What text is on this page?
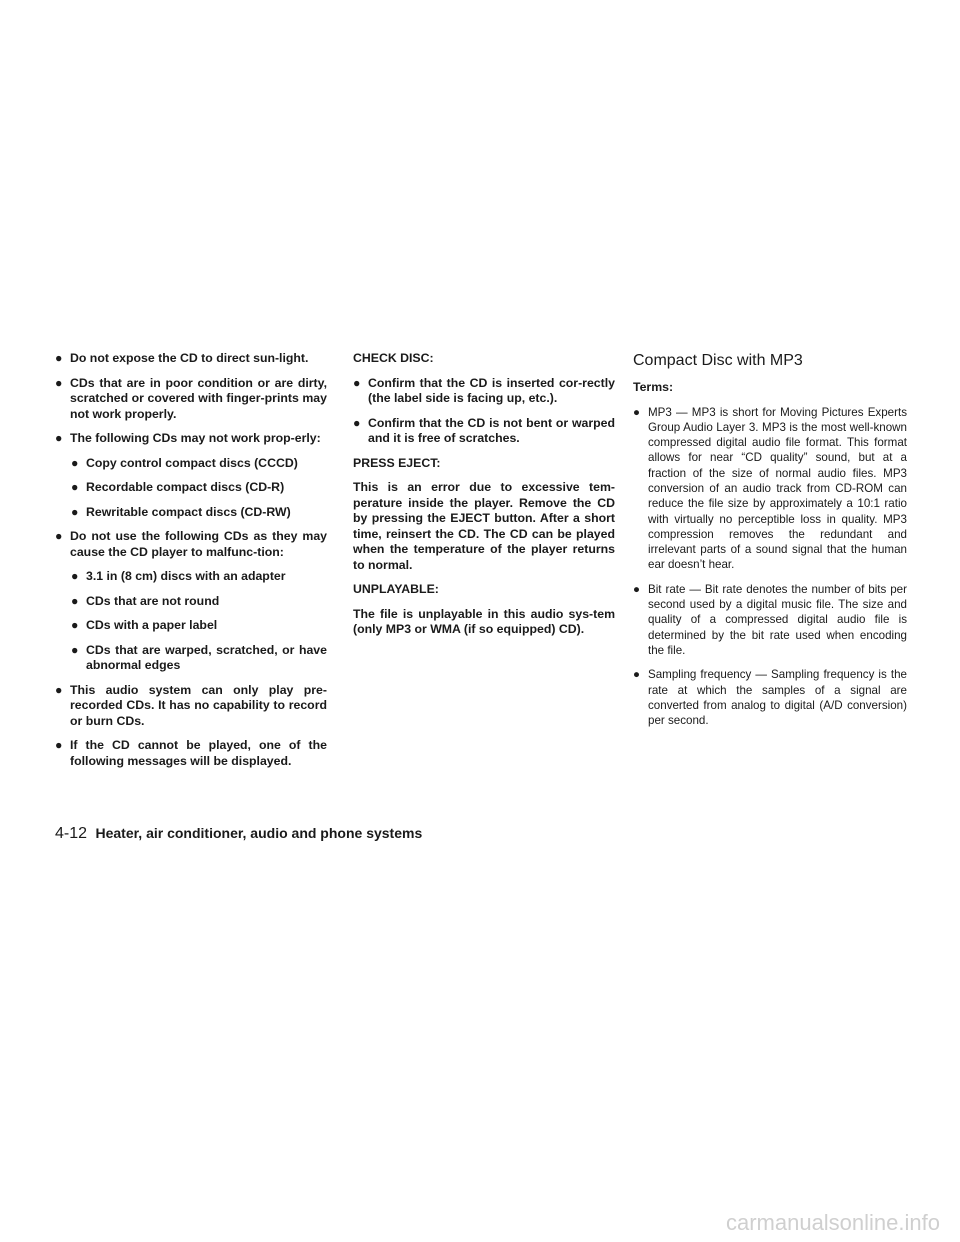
● Do not expose the CD to direct sun-light.
● CDs that are in poor condition or are dirty, scratched or covered with finger-prints may not work properly.
● The following CDs may not work prop-erly:
● Copy control compact discs (CCCD)
● Recordable compact discs (CD-R)
● Rewritable compact discs (CD-RW)
● Do not use the following CDs as they may cause the CD player to malfunc-tion:
● 3.1 in (8 cm) discs with an adapter
● CDs that are not round
● CDs with a paper label
● CDs that are warped, scratched, or have abnormal edges
● This audio system can only play pre-recorded CDs. It has no capability to record or burn CDs.
● If the CD cannot be played, one of the following messages will be displayed.
CHECK DISC:
● Confirm that the CD is inserted cor-rectly (the label side is facing up, etc.).
● Confirm that the CD is not bent or warped and it is free of scratches.
PRESS EJECT:

This is an error due to excessive tem-perature inside the player. Remove the CD by pressing the EJECT button. After a short time, reinsert the CD. The CD can be played when the temperature of the player returns to normal.

UNPLAYABLE:

The file is unplayable in this audio sys-tem (only MP3 or WMA (if so equipped) CD).

Compact Disc with MP3
Terms:
● MP3 — MP3 is short for Moving Pictures Experts Group Audio Layer 3. MP3 is the most well-known compressed digital audio file format. This format allows for near “CD quality” sound, but at a fraction of the size of normal audio files. MP3 conversion of an audio track from CD-ROM can reduce the file size by approximately a 10:1 ratio with virtually no perceptible loss in quality. MP3 compression removes the redundant and irrelevant parts of a sound signal that the human ear doesn’t hear.
● Bit rate — Bit rate denotes the number of bits per second used by a digital music file. The size and quality of a compressed digital audio file is determined by the bit rate used when encoding the file.
● Sampling frequency — Sampling frequency is the rate at which the samples of a signal are converted from analog to digital (A/D conversion) per second.
4-12 Heater, air conditioner, audio and phone systems
carmanualsonline.info
